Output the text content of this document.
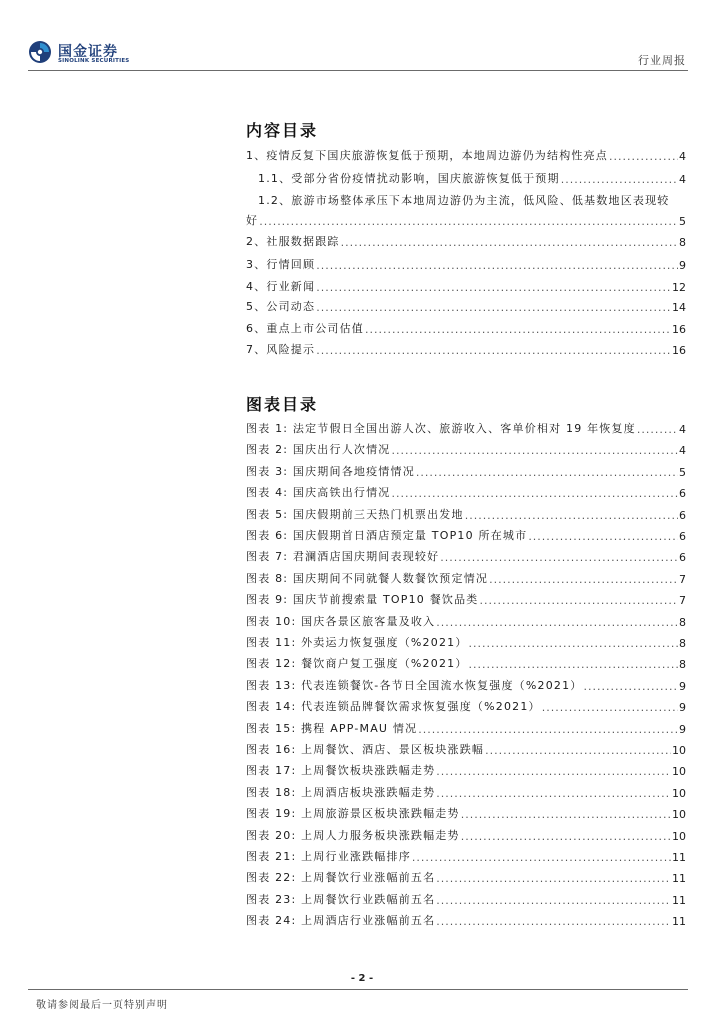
国金证券
SINOLINK SECURITIES	行业周报
内容目录
1、疫情反复下国庆旅游恢复低于预期，本地周边游仍为结构性亮点 .....	4
1.1、受部分省份疫情扰动影响，国庆旅游恢复低于预期 .....	4
1.2、旅游市场整体承压下本地周边游仍为主流，低风险、低基数地区表现较
好 .....	5
2、社服数据跟踪 .....	8
3、行情回顾 .....	9
4、行业新闻 .....	12
5、公司动态 .....	14
6、重点上市公司估值 .....	16
7、风险提示 .....	16
图表目录
图表 1: 法定节假日全国出游人次、旅游收入、客单价相对 19 年恢复度 .....	4
图表 2: 国庆出行人次情况 .....	4
图表 3: 国庆期间各地疫情情况 .....	5
图表 4: 国庆高铁出行情况 .....	6
图表 5: 国庆假期前三天热门机票出发地 .....	6
图表 6: 国庆假期首日酒店预定量 TOP10 所在城市 .....	6
图表 7: 君澜酒店国庆期间表现较好 .....	6
图表 8: 国庆期间不同就餐人数餐饮预定情况 .....	7
图表 9: 国庆节前搜索量 TOP10 餐饮品类 .....	7
图表 10: 国庆各景区旅客量及收入 .....	8
图表 11: 外卖运力恢复强度（%2021） .....	8
图表 12: 餐饮商户复工强度（%2021） .....	8
图表 13: 代表连锁餐饮-各节日全国流水恢复强度（%2021） .....	9
图表 14: 代表连锁品牌餐饮需求恢复强度（%2021） .....	9
图表 15: 携程 APP-MAU 情况 .....	9
图表 16: 上周餐饮、酒店、景区板块涨跌幅 .....	10
图表 17: 上周餐饮板块涨跌幅走势 .....	10
图表 18: 上周酒店板块涨跌幅走势 .....	10
图表 19: 上周旅游景区板块涨跌幅走势 .....	10
图表 20: 上周人力服务板块涨跌幅走势 .....	10
图表 21: 上周行业涨跌幅排序 .....	11
图表 22: 上周餐饮行业涨幅前五名 .....	11
图表 23: 上周餐饮行业跌幅前五名 .....	11
图表 24: 上周酒店行业涨幅前五名 .....	11
- 2 -
敬请参阅最后一页特别声明
